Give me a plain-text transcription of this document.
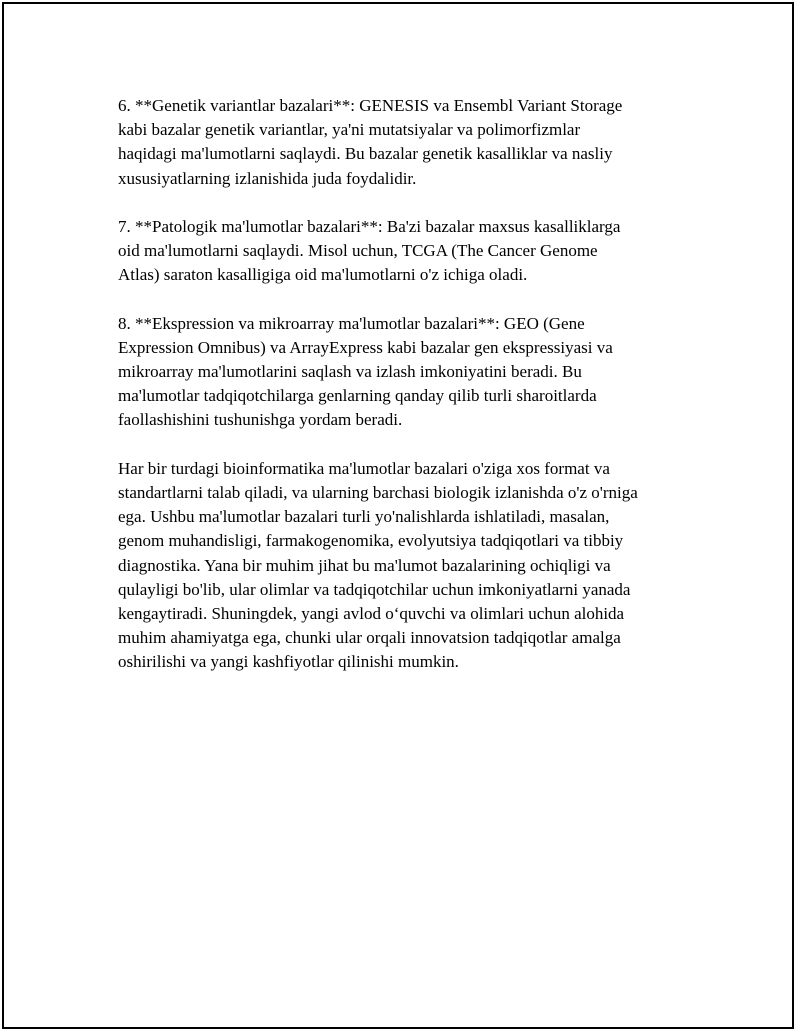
6. **Genetik variantlar bazalari**: GENESIS va Ensembl Variant Storage
kabi bazalar genetik variantlar, ya'ni mutatsiyalar va polimorfizmlar
haqidagi ma'lumotlarni saqlaydi. Bu bazalar genetik kasalliklar va nasliy
xususiyatlarning izlanishida juda foydalidir.
7. **Patologik ma'lumotlar bazalari**: Ba'zi bazalar maxsus kasalliklarga
oid ma'lumotlarni saqlaydi. Misol uchun, TCGA (The Cancer Genome
Atlas) saraton kasalligiga oid ma'lumotlarni o'z ichiga oladi.
8. **Ekspression va mikroarray ma'lumotlar bazalari**: GEO (Gene
Expression Omnibus) va ArrayExpress kabi bazalar gen ekspressiyasi va
mikroarray ma'lumotlarini saqlash va izlash imkoniyatini beradi. Bu
ma'lumotlar tadqiqotchilarga genlarning qanday qilib turli sharoitlarda
faollashishini tushunishga yordam beradi.
Har bir turdagi bioinformatika ma'lumotlar bazalari o'ziga xos format va
standartlarni talab qiladi, va ularning barchasi biologik izlanishda o'z o'rniga
ega. Ushbu ma'lumotlar bazalari turli yo'nalishlarda ishlatiladi, masalan,
genom muhandisligi, farmakogenomika, evolyutsiya tadqiqotlari va tibbiy
diagnostika. Yana bir muhim jihat bu ma'lumot bazalarining ochiqligi va
qulayligi bo'lib, ular olimlar va tadqiqotchilar uchun imkoniyatlarni yanada
kengaytiradi. Shuningdek, yangi avlod o‘quvchi va olimlari uchun alohida
muhim ahamiyatga ega, chunki ular orqali innovatsion tadqiqotlar amalga
oshirilishi va yangi kashfiyotlar qilinishi mumkin.
